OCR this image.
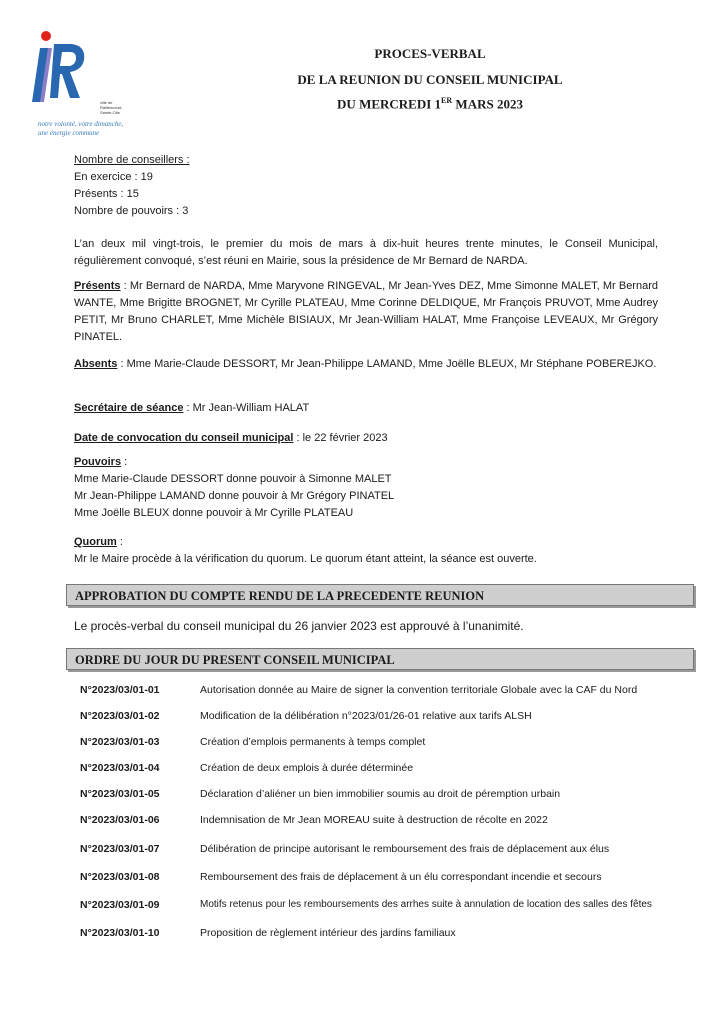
ville de
Raillencourt-Sainte-Olle
notre volonté, votre dimanche,
une énergie commune
PROCES-VERBAL
DE LA REUNION DU CONSEIL MUNICIPAL
DU MERCREDI 1ER MARS 2023
Nombre de conseillers :
En exercice : 19
Présents : 15
Nombre de pouvoirs : 3
L’an deux mil vingt-trois, le premier du mois de mars à dix-huit heures trente minutes, le Conseil Municipal, régulièrement convoqué, s’est réuni en Mairie, sous la présidence de Mr Bernard de NARDA.
Présents : Mr Bernard de NARDA, Mme Maryvone RINGEVAL, Mr Jean-Yves DEZ, Mme Simonne MALET, Mr Bernard WANTE, Mme Brigitte BROGNET, Mr Cyrille PLATEAU, Mme Corinne DELDIQUE, Mr François PRUVOT, Mme Audrey PETIT, Mr Bruno CHARLET, Mme Michèle BISIAUX, Mr Jean-William HALAT, Mme Françoise LEVEAUX, Mr Grégory PINATEL.
Absents : Mme Marie-Claude DESSORT, Mr Jean-Philippe LAMAND, Mme Joëlle BLEUX, Mr Stéphane POBEREJKO.
Secrétaire de séance : Mr Jean-William HALAT
Date de convocation du conseil municipal : le 22 février 2023
Pouvoirs :
Mme Marie-Claude DESSORT donne pouvoir à Simonne MALET
Mr Jean-Philippe LAMAND donne pouvoir à Mr Grégory PINATEL
Mme Joëlle BLEUX donne pouvoir à Mr Cyrille PLATEAU
Quorum :
Mr le Maire procède à la vérification du quorum. Le quorum étant atteint, la séance est ouverte.
APPROBATION DU COMPTE RENDU DE LA PRECEDENTE REUNION
Le procès-verbal du conseil municipal du 26 janvier 2023 est approuvé à l’unanimité.
ORDRE DU JOUR DU PRESENT CONSEIL MUNICIPAL
N°2023/03/01-01	Autorisation donnée au Maire de signer la convention territoriale Globale avec la CAF du Nord
N°2023/03/01-02	Modification de la délibération n°2023/01/26-01 relative aux tarifs ALSH
N°2023/03/01-03	Création d’emplois permanents à temps complet
N°2023/03/01-04	Création de deux emplois à durée déterminée
N°2023/03/01-05	Déclaration d’aliéner un bien immobilier soumis au droit de péremption urbain
N°2023/03/01-06	Indemnisation de Mr Jean MOREAU suite à destruction de récolte en 2022
N°2023/03/01-07	Délibération de principe autorisant le remboursement des frais de déplacement aux élus
N°2023/03/01-08	Remboursement des frais de déplacement à un élu correspondant incendie et secours
N°2023/03/01-09	Motifs retenus pour les remboursements des arrhes suite à annulation de location des salles des fêtes
N°2023/03/01-10	Proposition de règlement intérieur des jardins familiaux
